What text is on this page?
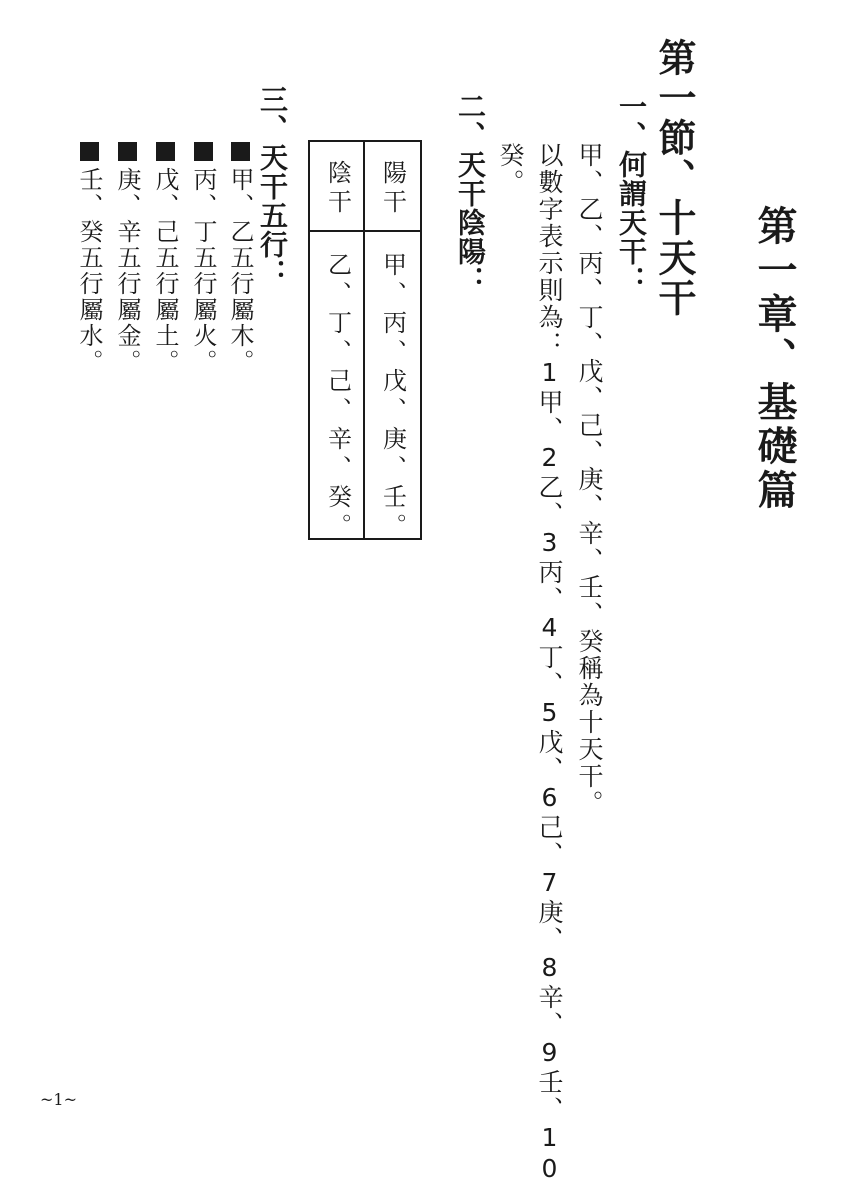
第一章、基礎篇
第一節、十天干
一、何謂天干：
甲、乙、丙、丁、戊、己、庚、辛、壬、癸稱為十天干。
以數字表示則為：1甲、2乙、3丙、4丁、5戊、6己、7庚、8辛、9壬、10
癸。
二、天干陰陽：
陽干
甲、丙、戊、庚、壬。
陰干
乙、丁、己、辛、癸。
三、天干五行：
甲、乙五行屬木。
丙、丁五行屬火。
戊、己五行屬土。
庚、辛五行屬金。
壬、癸五行屬水。
~1~
